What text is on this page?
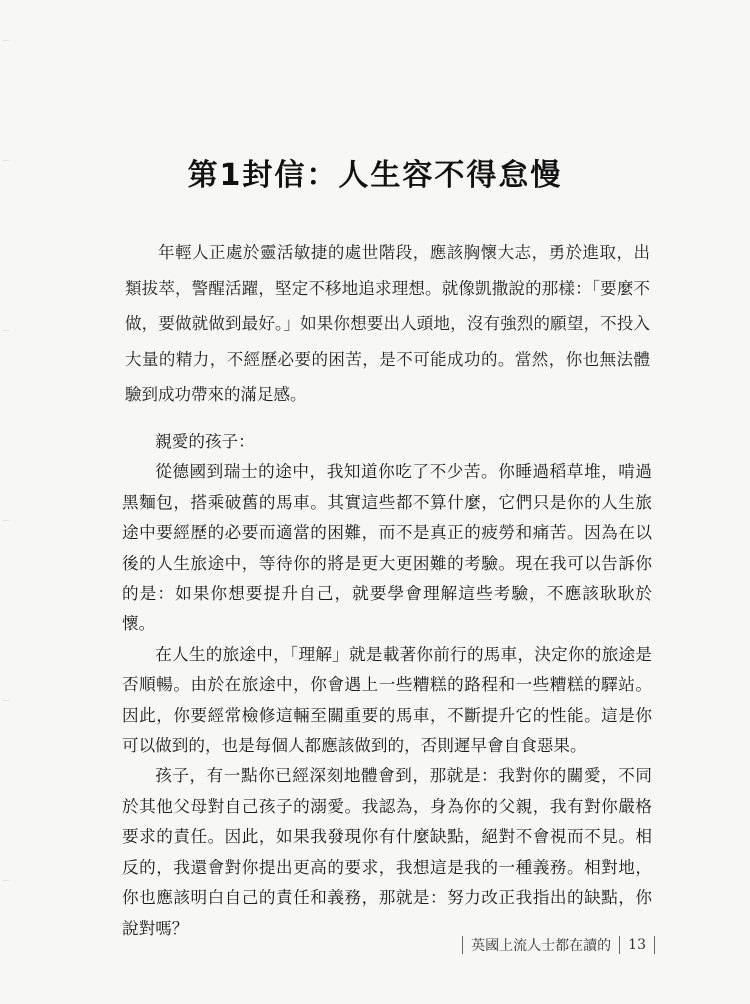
第1封信：人生容不得怠慢

年輕人正處於靈活敏捷的處世階段，應該胸懷大志，勇於進取，出類拔萃，警醒活躍，堅定不移地追求理想。就像凱撒說的那樣：「要麼不做，要做就做到最好。」如果你想要出人頭地，沒有強烈的願望，不投入大量的精力，不經歷必要的困苦，是不可能成功的。當然，你也無法體驗到成功帶來的滿足感。

親愛的孩子：

從德國到瑞士的途中，我知道你吃了不少苦。你睡過稻草堆，啃過黑麵包，搭乘破舊的馬車。其實這些都不算什麼，它們只是你的人生旅途中要經歷的必要而適當的困難，而不是真正的疲勞和痛苦。因為在以後的人生旅途中，等待你的將是更大更困難的考驗。現在我可以告訴你的是：如果你想要提升自己，就要學會理解這些考驗，不應該耿耿於懷。

在人生的旅途中，「理解」就是載著你前行的馬車，決定你的旅途是否順暢。由於在旅途中，你會遇上一些糟糕的路程和一些糟糕的驛站。因此，你要經常檢修這輛至關重要的馬車，不斷提升它的性能。這是你可以做到的，也是每個人都應該做到的，否則遲早會自食惡果。

孩子，有一點你已經深刻地體會到，那就是：我對你的關愛，不同於其他父母對自己孩子的溺愛。我認為，身為你的父親，我有對你嚴格要求的責任。因此，如果我發現你有什麼缺點，絕對不會視而不見。相反的，我還會對你提出更高的要求，我想這是我的一種義務。相對地，你也應該明白自己的責任和義務，那就是：努力改正我指出的缺點，你說對嗎？

英國上流人士都在讀的 13
